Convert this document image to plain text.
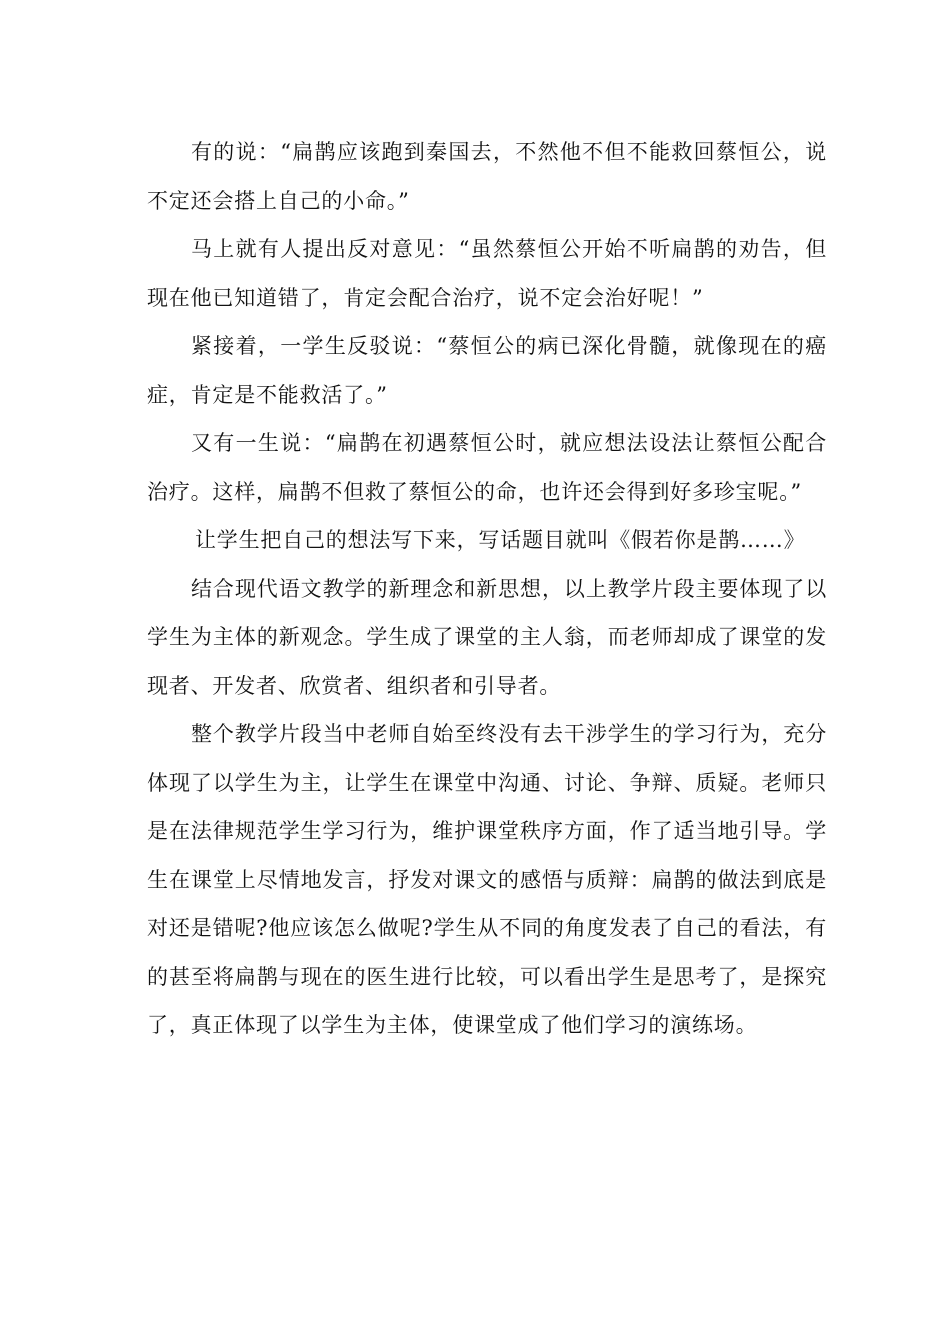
有的说：“扁鹊应该跑到秦国去，不然他不但不能救回蔡恒公，说不定还会搭上自己的小命。”

马上就有人提出反对意见：“虽然蔡恒公开始不听扁鹊的劝告，但现在他已知道错了，肯定会配合治疗，说不定会治好呢！”

紧接着，一学生反驳说：“蔡恒公的病已深化骨髓，就像现在的癌症，肯定是不能救活了。”

又有一生说：“扁鹊在初遇蔡恒公时，就应想法设法让蔡恒公配合治疗。这样，扁鹊不但救了蔡恒公的命，也许还会得到好多珍宝呢。”

让学生把自己的想法写下来，写话题目就叫《假若你是鹊……》

结合现代语文教学的新理念和新思想，以上教学片段主要体现了以学生为主体的新观念。学生成了课堂的主人翁，而老师却成了课堂的发现者、开发者、欣赏者、组织者和引导者。

整个教学片段当中老师自始至终没有去干涉学生的学习行为，充分体现了以学生为主，让学生在课堂中沟通、讨论、争辩、质疑。老师只是在法律规范学生学习行为，维护课堂秩序方面，作了适当地引导。学生在课堂上尽情地发言，抒发对课文的感悟与质辩：扁鹊的做法到底是对还是错呢?他应该怎么做呢?学生从不同的角度发表了自己的看法，有的甚至将扁鹊与现在的医生进行比较，可以看出学生是思考了，是探究了，真正体现了以学生为主体，使课堂成了他们学习的演练场。
